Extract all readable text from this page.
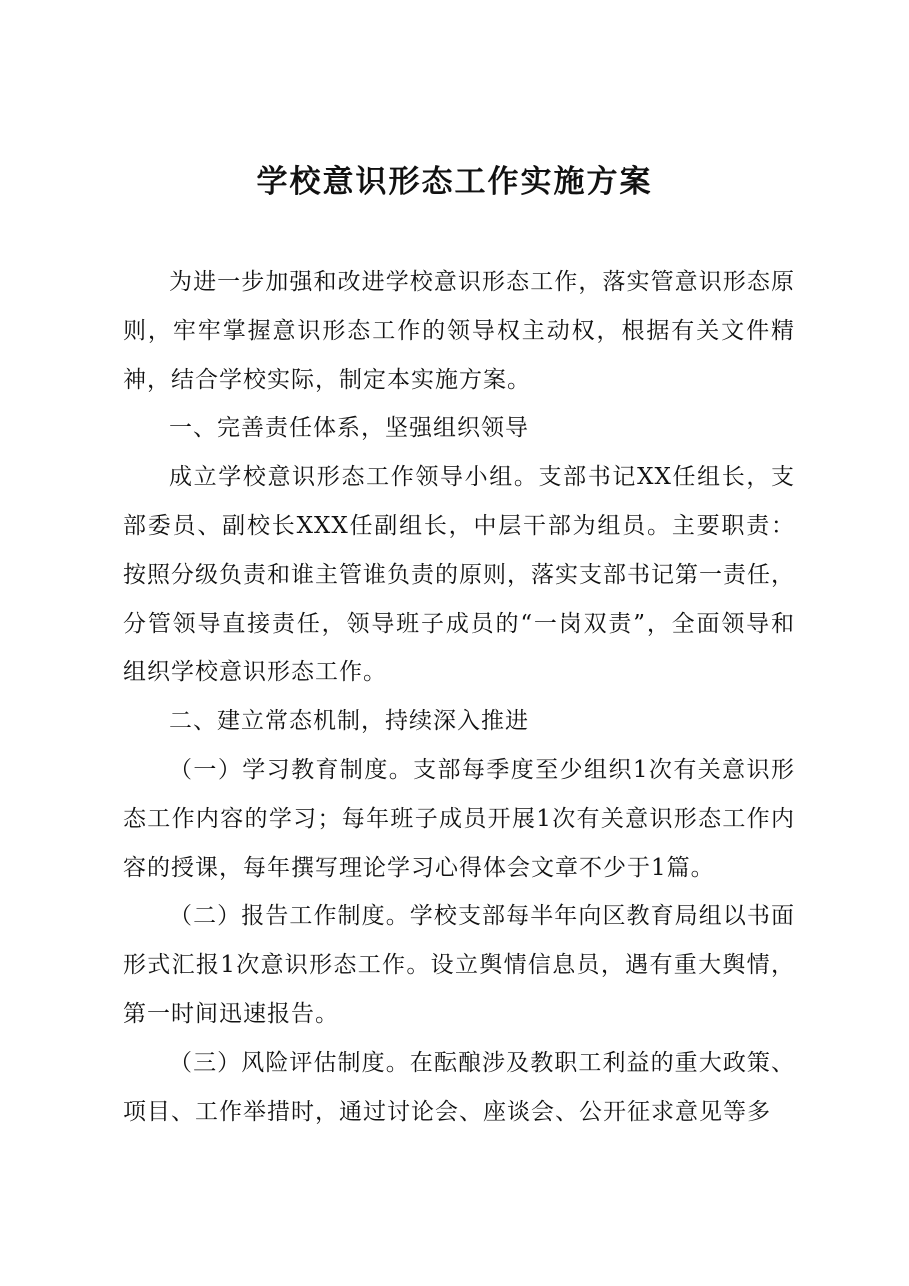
学校意识形态工作实施方案

为进一步加强和改进学校意识形态工作，落实管意识形态原则，牢牢掌握意识形态工作的领导权主动权，根据有关文件精神，结合学校实际，制定本实施方案。

一、完善责任体系，坚强组织领导

成立学校意识形态工作领导小组。支部书记XX任组长，支部委员、副校长XXX任副组长，中层干部为组员。主要职责：按照分级负责和谁主管谁负责的原则，落实支部书记第一责任，分管领导直接责任，领导班子成员的“一岗双责”，全面领导和组织学校意识形态工作。

二、建立常态机制，持续深入推进

（一）学习教育制度。支部每季度至少组织1次有关意识形态工作内容的学习；每年班子成员开展1次有关意识形态工作内容的授课，每年撰写理论学习心得体会文章不少于1篇。

（二）报告工作制度。学校支部每半年向区教育局组以书面形式汇报1次意识形态工作。设立舆情信息员，遇有重大舆情，第一时间迅速报告。

（三）风险评估制度。在酝酿涉及教职工利益的重大政策、项目、工作举措时，通过讨论会、座谈会、公开征求意见等多
